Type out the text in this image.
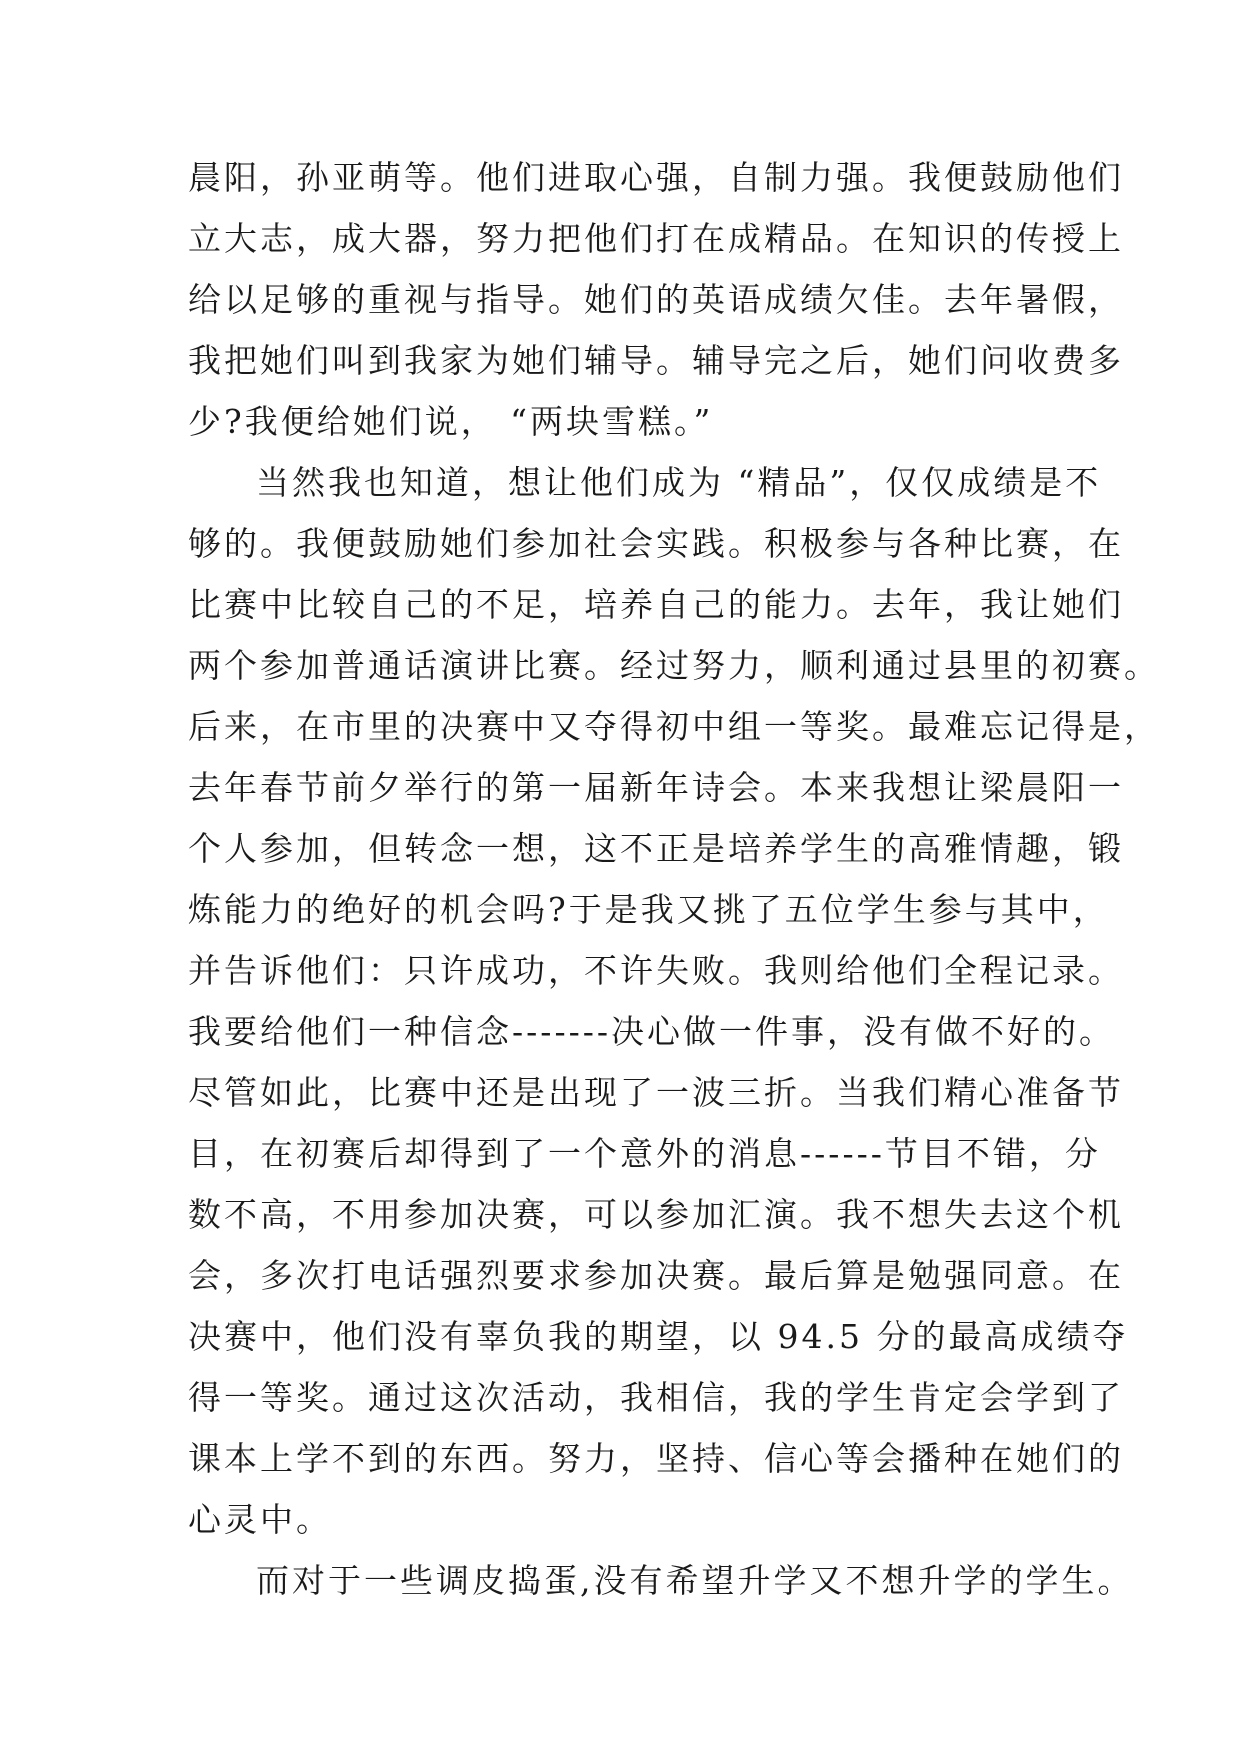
晨阳，孙亚萌等。他们进取心强，自制力强。我便鼓励他们
立大志，成大器，努力把他们打在成精品。在知识的传授上
给以足够的重视与指导。她们的英语成绩欠佳。去年暑假，
我把她们叫到我家为她们辅导。辅导完之后，她们问收费多
少?我便给她们说， “两块雪糕。”
当然我也知道，想让他们成为 “精品”，仅仅成绩是不
够的。我便鼓励她们参加社会实践。积极参与各种比赛，在
比赛中比较自己的不足，培养自己的能力。去年，我让她们
两个参加普通话演讲比赛。经过努力，顺利通过县里的初赛。
后来，在市里的决赛中又夺得初中组一等奖。最难忘记得是，
去年春节前夕举行的第一届新年诗会。本来我想让梁晨阳一
个人参加，但转念一想，这不正是培养学生的高雅情趣，锻
炼能力的绝好的机会吗?于是我又挑了五位学生参与其中，
并告诉他们：只许成功，不许失败。我则给他们全程记录。
我要给他们一种信念-------决心做一件事，没有做不好的。
尽管如此，比赛中还是出现了一波三折。当我们精心准备节
目，在初赛后却得到了一个意外的消息------节目不错，分
数不高，不用参加决赛，可以参加汇演。我不想失去这个机
会，多次打电话强烈要求参加决赛。最后算是勉强同意。在
决赛中，他们没有辜负我的期望，以 94.5 分的最高成绩夺
得一等奖。通过这次活动，我相信，我的学生肯定会学到了
课本上学不到的东西。努力，坚持、信心等会播种在她们的
心灵中。
而对于一些调皮捣蛋,没有希望升学又不想升学的学生。
